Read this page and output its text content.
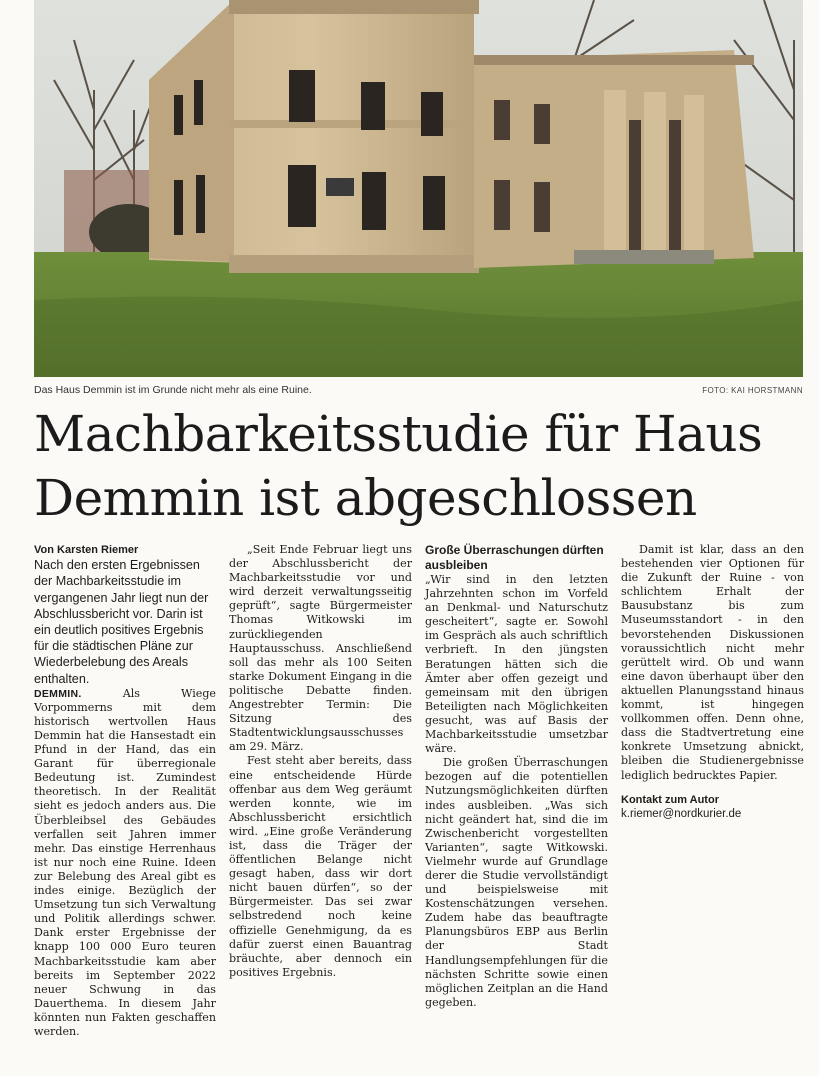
Das Haus Demmin ist im Grunde nicht mehr als eine Ruine.	FOTO: KAI HORSTMANN
Machbarkeitsstudie für Haus Demmin ist abgeschlossen

Von Karsten Riemer

Nach den ersten Ergebnissen der Machbarkeitsstudie im vergangenen Jahr liegt nun der Abschlussbericht vor. Darin ist ein deutlich positives Ergebnis für die städtischen Pläne zur Wiederbelebung des Areals enthalten.

DEMMIN.	Als Wiege Vorpommerns mit dem historisch wertvollen Haus Demmin hat die Hansestadt ein Pfund in der Hand, das ein Garant für überregionale Bedeutung ist. Zumindest theoretisch. In der Realität sieht es jedoch anders aus. Die Überbleibsel des Gebäudes verfallen seit Jahren immer mehr. Das einstige Herrenhaus ist nur noch eine Ruine. Ideen zur Belebung des Areal gibt es indes einige. Bezüglich der Umsetzung tun sich Verwaltung und Politik allerdings schwer. Dank erster Ergebnisse der knapp 100 000 Euro teuren Machbarkeitsstudie kam aber bereits im September 2022 neuer Schwung in das Dauerthema. In diesem Jahr könnten nun Fakten geschaffen werden.

„Seit Ende Februar liegt uns der Abschlussbericht der Machbarkeitsstudie vor und wird derzeit verwaltungsseitig geprüft“, sagte Bürgermeister Thomas Witkowski im zurückliegenden Hauptausschuss. Anschließend soll das mehr als 100 Seiten starke Dokument Eingang in die politische Debatte finden. Angestrebter Termin: Die Sitzung des Stadtentwicklungsausschusses am 29. März.

Fest steht aber bereits, dass eine entscheidende Hürde offenbar aus dem Weg geräumt werden konnte, wie im Abschlussbericht ersichtlich wird. „Eine große Veränderung ist, dass die Träger der öffentlichen Belange nicht gesagt haben, dass wir dort nicht bauen dürfen“, so der Bürgermeister. Das sei zwar selbstredend noch keine offizielle Genehmigung, da es dafür zuerst einen Bauantrag bräuchte, aber dennoch ein positives Ergebnis.

Große Überraschungen dürften ausbleiben

„Wir sind in den letzten Jahrzehnten schon im Vorfeld an Denkmal- und Naturschutz gescheitert“, sagte er. Sowohl im Gespräch als auch schriftlich verbrieft. In den jüngsten Beratungen hätten sich die Ämter aber offen gezeigt und gemeinsam mit den übrigen Beteiligten nach Möglichkeiten gesucht, was auf Basis der Machbarkeitsstudie umsetzbar wäre.

Die großen Überraschungen bezogen auf die potentiellen Nutzungsmöglichkeiten dürften indes ausbleiben. „Was sich nicht geändert hat, sind die im Zwischenbericht vorgestellten Varianten“, sagte Witkowski. Vielmehr wurde auf Grundlage derer die Studie vervollständigt und beispielsweise mit Kostenschätzungen versehen. Zudem habe das beauftragte Planungsbüros EBP aus Berlin der Stadt Handlungsempfehlungen für die nächsten Schritte sowie einen möglichen Zeitplan an die Hand gegeben.

Damit ist klar, dass an den bestehenden vier Optionen für die Zukunft der Ruine - von schlichtem Erhalt der Bausubstanz bis zum Museumsstandort - in den bevorstehenden Diskussionen voraussichtlich nicht mehr gerüttelt wird. Ob und wann eine davon überhaupt über den aktuellen Planungsstand hinaus kommt, ist hingegen vollkommen offen. Denn ohne, dass die Stadtvertretung eine konkrete Umsetzung abnickt, bleiben die Studienergebnisse lediglich bedrucktes Papier.

Kontakt zum Autor
k.riemer@nordkurier.de
